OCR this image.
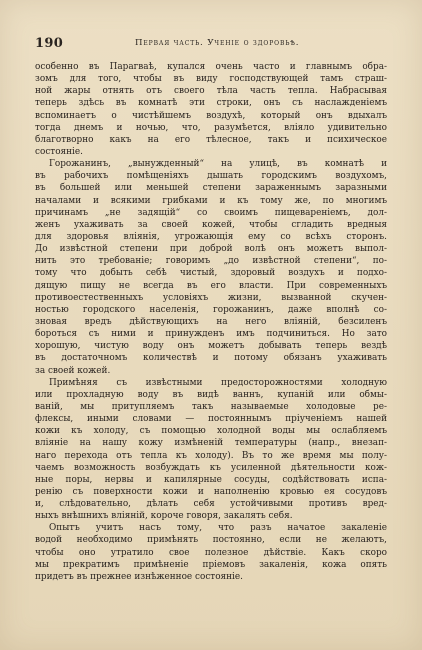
190	Первая часть. Ученiе о здоровьѣ.
особенно въ Парагваѣ, купался очень часто и главнымъ обра-
зомъ для того, чтобы въ виду господствующей тамъ страш-
ной жары отнять отъ своего тѣла часть тепла. Набрасывая
теперь здѣсь въ комнатѣ эти строки, онъ съ наслажденiемъ
вспоминаетъ о чистѣйшемъ воздухѣ, который онъ вдыхалъ
тогда днемъ и ночью, что, разумѣется, влiяло удивительно
благотворно какъ на его тѣлесное, такъ и психическое
состоянiе.
Горожанинъ, „вынужденный“ на улицѣ, въ комнатѣ и
въ рабочихъ помѣщенiяхъ дышать городскимъ воздухомъ,
въ большей или меньшей степени зараженнымъ заразными
началами и всякими грибками и къ тому же, по многимъ
причинамъ „не задящiй“ со своимъ пищевареніемъ, дол-
женъ ухаживать за своей кожей, чтобы сгладить вредныя
для здоровья влiянiя, угрожающiя ему со всѣхъ сторонъ.
До извѣстной степени при доброй волѣ онъ можетъ выпол-
нить это требованiе; говоримъ „до извѣстной степени“, по-
тому что добыть себѣ чистый, здоровый воздухъ и подхо-
дящую пищу не всегда въ его власти. При современныхъ
противоестественныхъ условiяхъ жизни, вызванной скучен-
ностью городского населенiя, горожанинъ, даже вполнѣ со-
зновая вредъ дѣйствующихъ на него влiянiй, безсиленъ
бороться съ ними и принужденъ имъ подчиниться. Но зато
хорошую, чистую воду онъ можетъ добывать теперь вездѣ
въ достаточномъ количествѣ и потому обязанъ ухаживать
за своей кожей.
Примѣняя съ извѣстными предосторожностями холодную
или прохладную воду въ видѣ ваннъ, купанiй или обмы-
ванiй, мы притупляемъ такъ называемые холодовые ре-
флексы, иными словами — постояннымъ прiученiемъ нашей
кожи къ холоду, съ помощью холодной воды мы ослабляемъ
влiянiе на нашу кожу измѣненiй температуры (напр., внезап-
наго перехода отъ тепла къ холоду). Въ то же время мы полу-
чаемъ возможность возбуждать къ усиленной дѣятельности кож-
ные поры, нервы и капилярные сосуды, содѣйствовать испа-
ренiю съ поверхности кожи и наполненiю кровью ея сосудовъ
и, слѣдовательно, дѣлать себя устойчивыми противъ вред-
ныхъ внѣшнихъ влiянiй, короче говоря, закалять себя.
Опытъ учитъ насъ тому, что разъ начатое закаленiе
водой необходимо примѣнять постоянно, если не желаютъ,
чтобы оно утратило свое полезное дѣйствiе. Какъ скоро
мы прекратимъ примѣненiе прiемовъ закаленiя, кожа опять
придетъ въ прежнее изнѣженное состоянiе.
